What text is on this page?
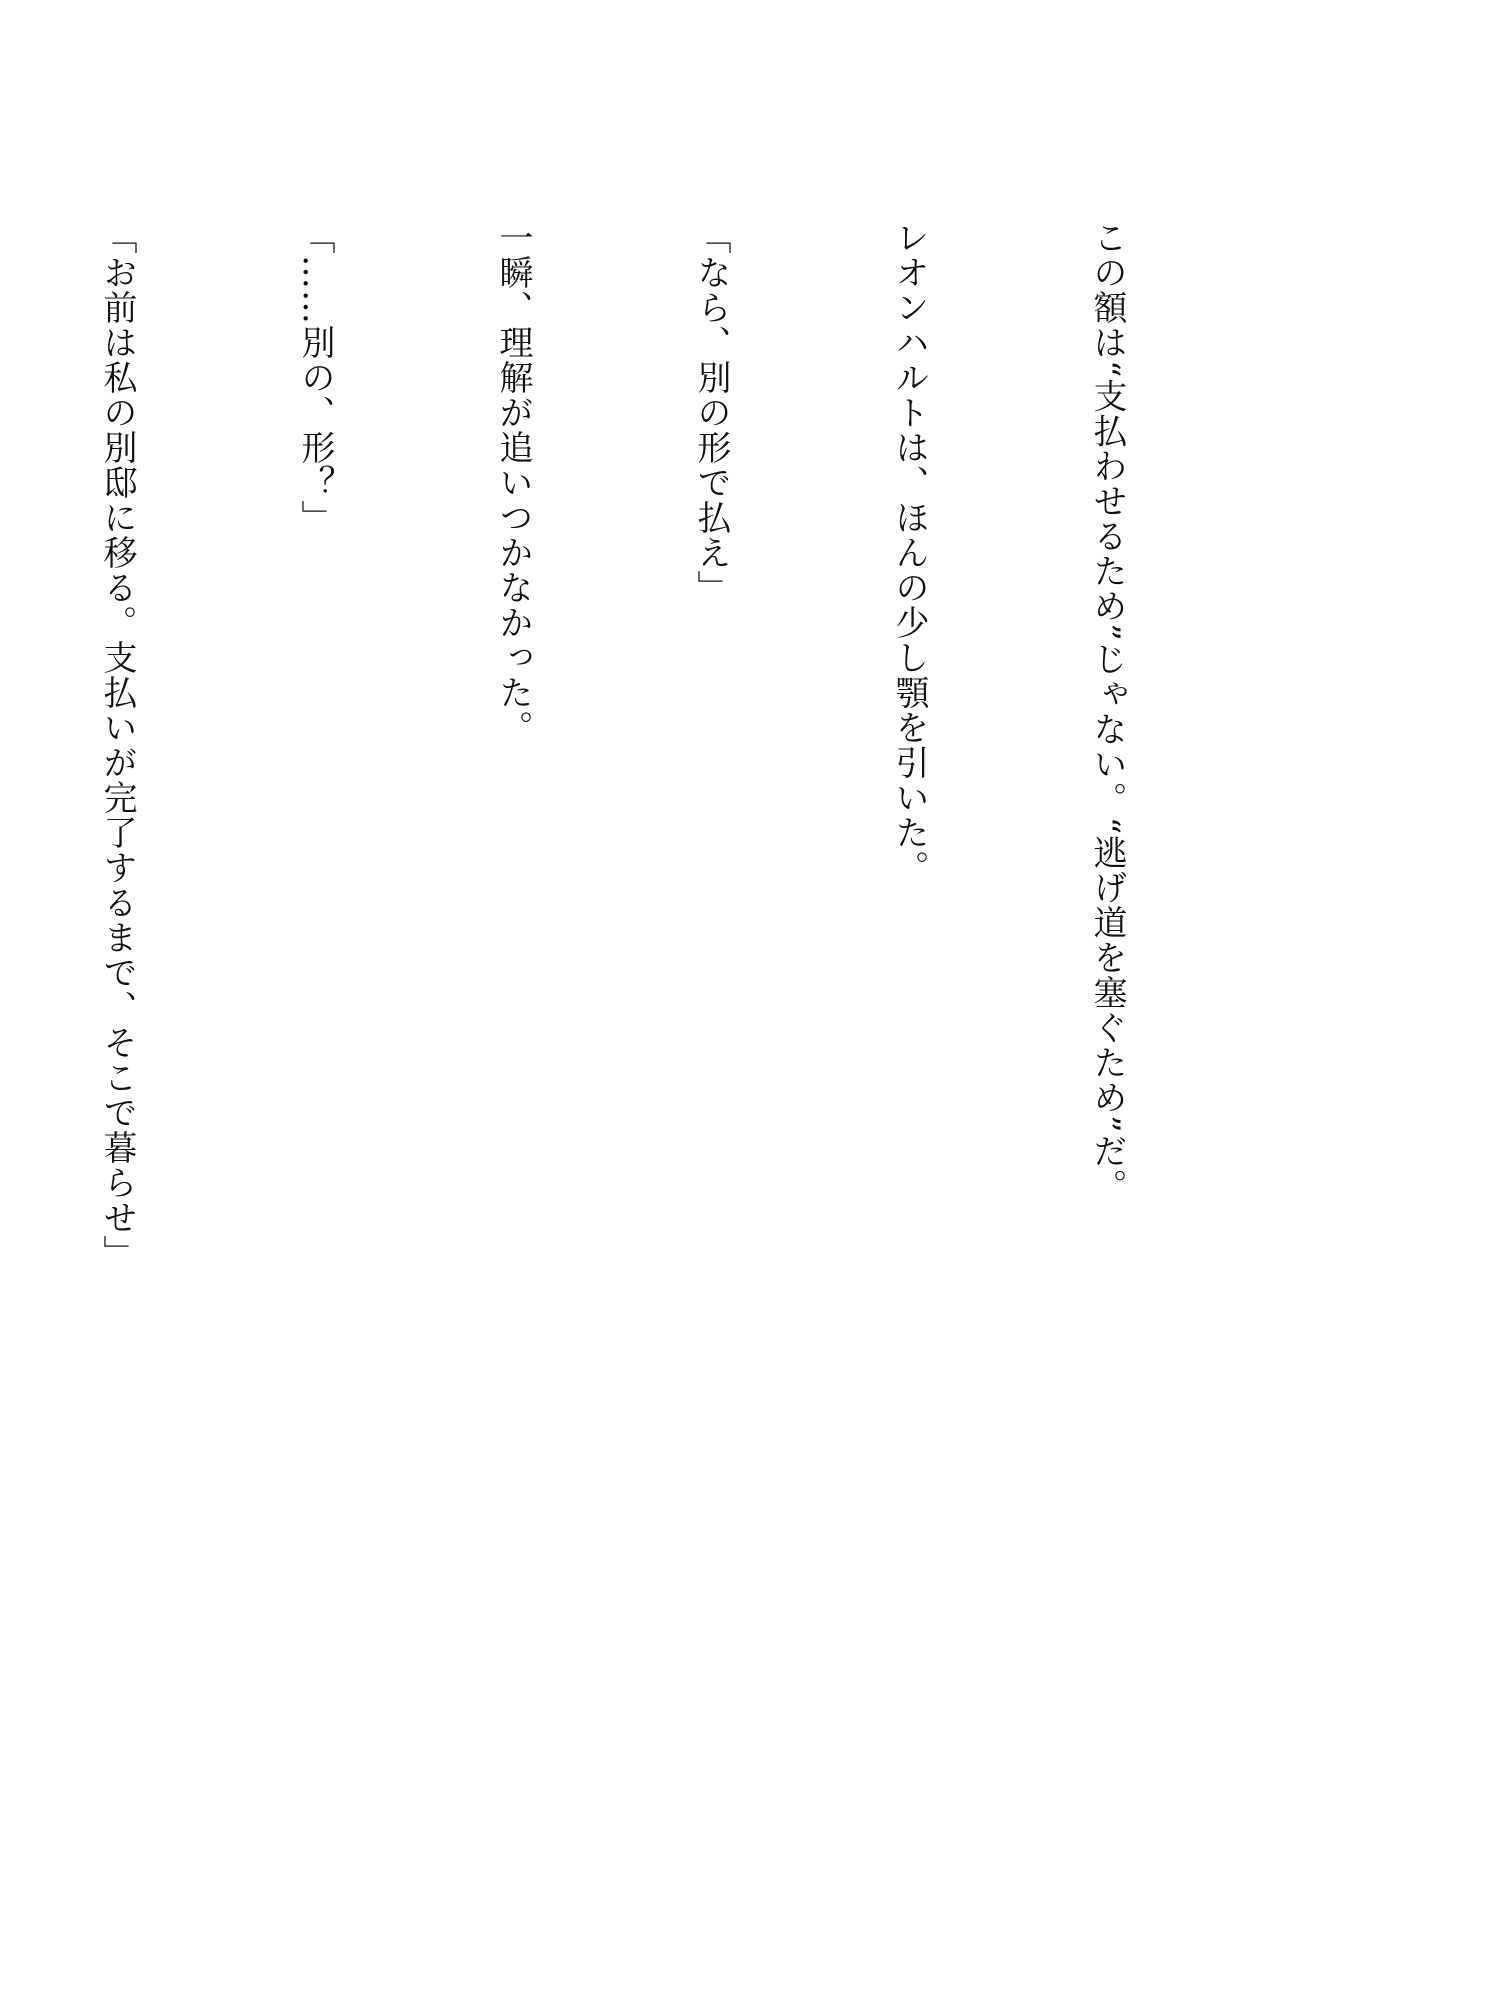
この額は“支払わせるため”じゃない。“逃げ道を塞ぐため”だ。

レオンハルトは、ほんの少し顎を引いた。

「なら、別の形で払え」

一瞬、理解が追いつかなかった。

「……別の、形？」

「お前は私の別邸に移る。支払いが完了するまで、そこで暮らせ」
